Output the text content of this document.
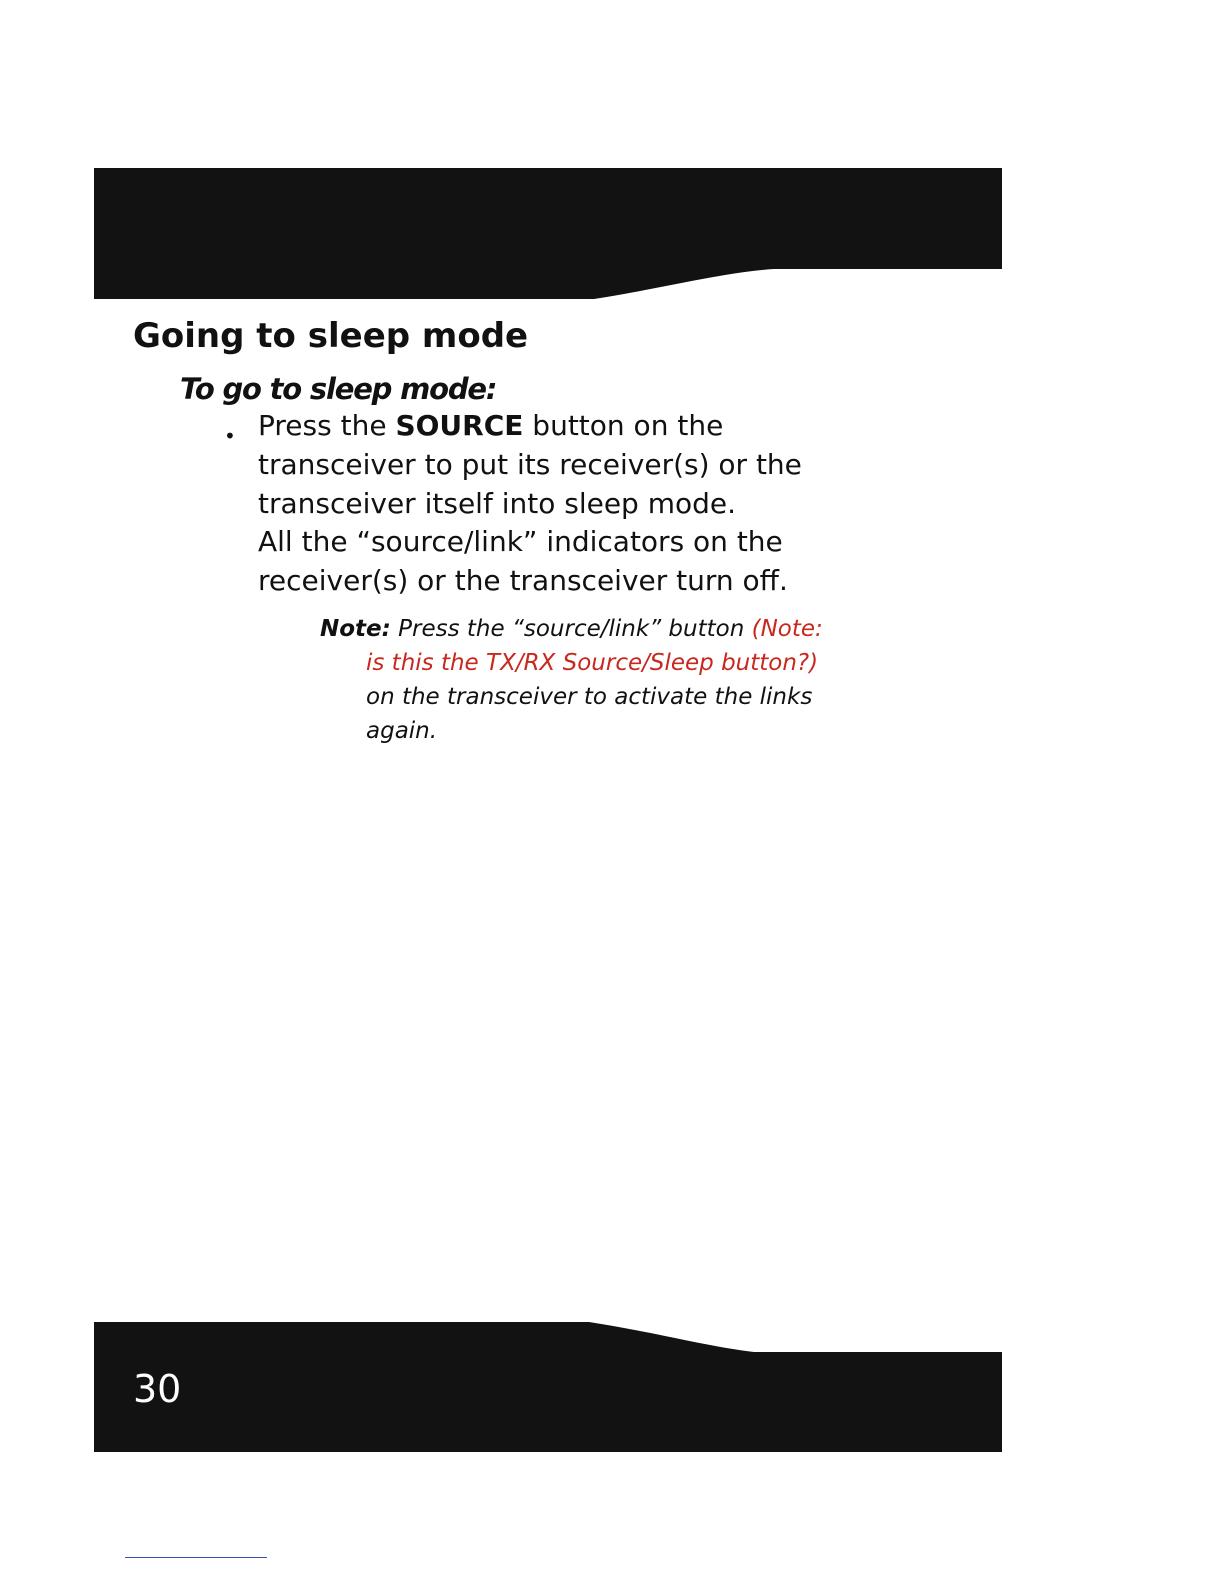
Going to sleep mode
To go to sleep mode:
• Press the SOURCE button on the
transceiver to put its receiver(s) or the
transceiver itself into sleep mode.
All the “source/link” indicators on the
receiver(s) or the transceiver turn off.
Note: Press the “source/link” button (Note:
is this the TX/RX Source/Sleep button?)
on the transceiver to activate the links
again.
30
